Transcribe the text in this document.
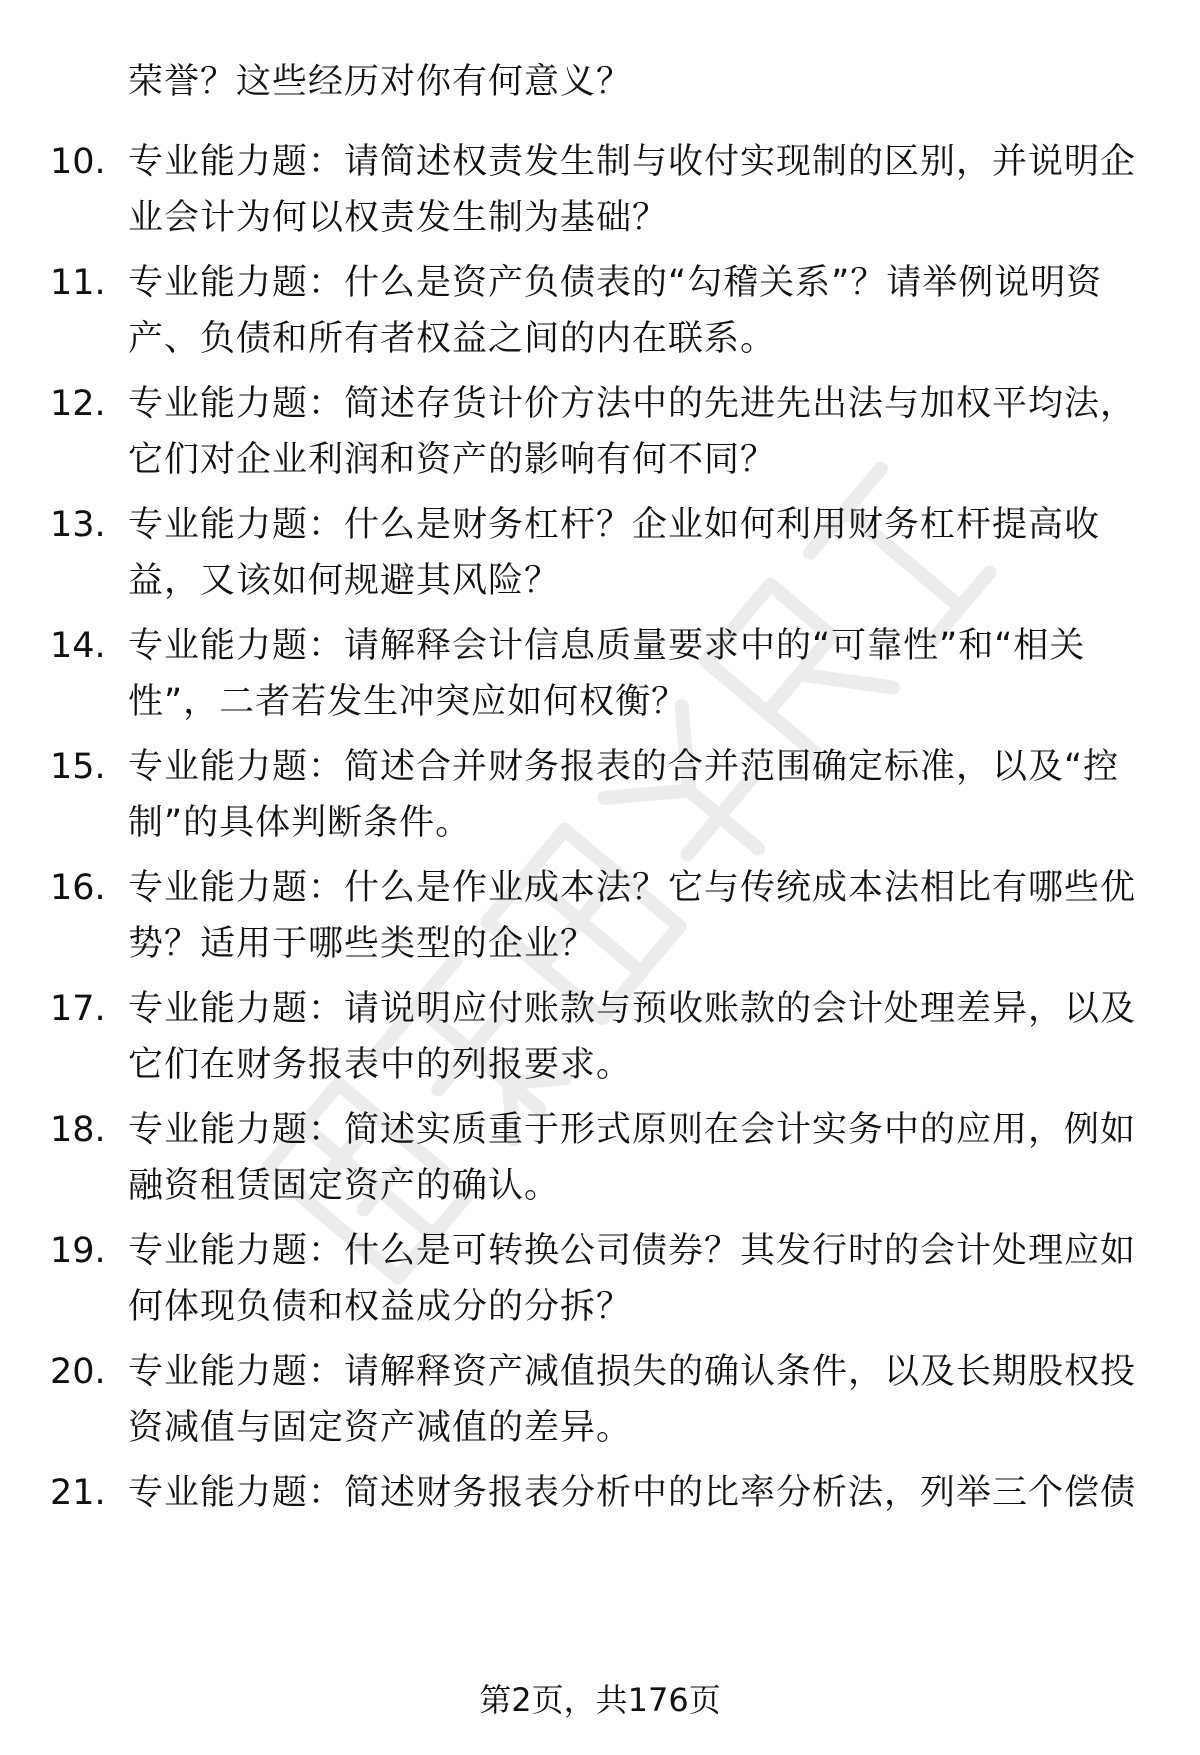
荣誉？这些经历对你有何意义？
10. 专业能力题：请简述权责发生制与收付实现制的区别，并说明企
业会计为何以权责发生制为基础？
11. 专业能力题：什么是资产负债表的“勾稽关系”？请举例说明资
产、负债和所有者权益之间的内在联系。
12. 专业能力题：简述存货计价方法中的先进先出法与加权平均法，
它们对企业利润和资产的影响有何不同？
13. 专业能力题：什么是财务杠杆？企业如何利用财务杠杆提高收
益，又该如何规避其风险？
14. 专业能力题：请解释会计信息质量要求中的“可靠性”和“相关
性”，二者若发生冲突应如何权衡？
15. 专业能力题：简述合并财务报表的合并范围确定标准，以及“控
制”的具体判断条件。
16. 专业能力题：什么是作业成本法？它与传统成本法相比有哪些优
势？适用于哪些类型的企业？
17. 专业能力题：请说明应付账款与预收账款的会计处理差异，以及
它们在财务报表中的列报要求。
18. 专业能力题：简述实质重于形式原则在会计实务中的应用，例如
融资租赁固定资产的确认。
19. 专业能力题：什么是可转换公司债券？其发行时的会计处理应如
何体现负债和权益成分的分拆？
20. 专业能力题：请解释资产减值损失的确认条件，以及长期股权投
资减值与固定资产减值的差异。
21. 专业能力题：简述财务报表分析中的比率分析法，列举三个偿债
第2页，共176页
